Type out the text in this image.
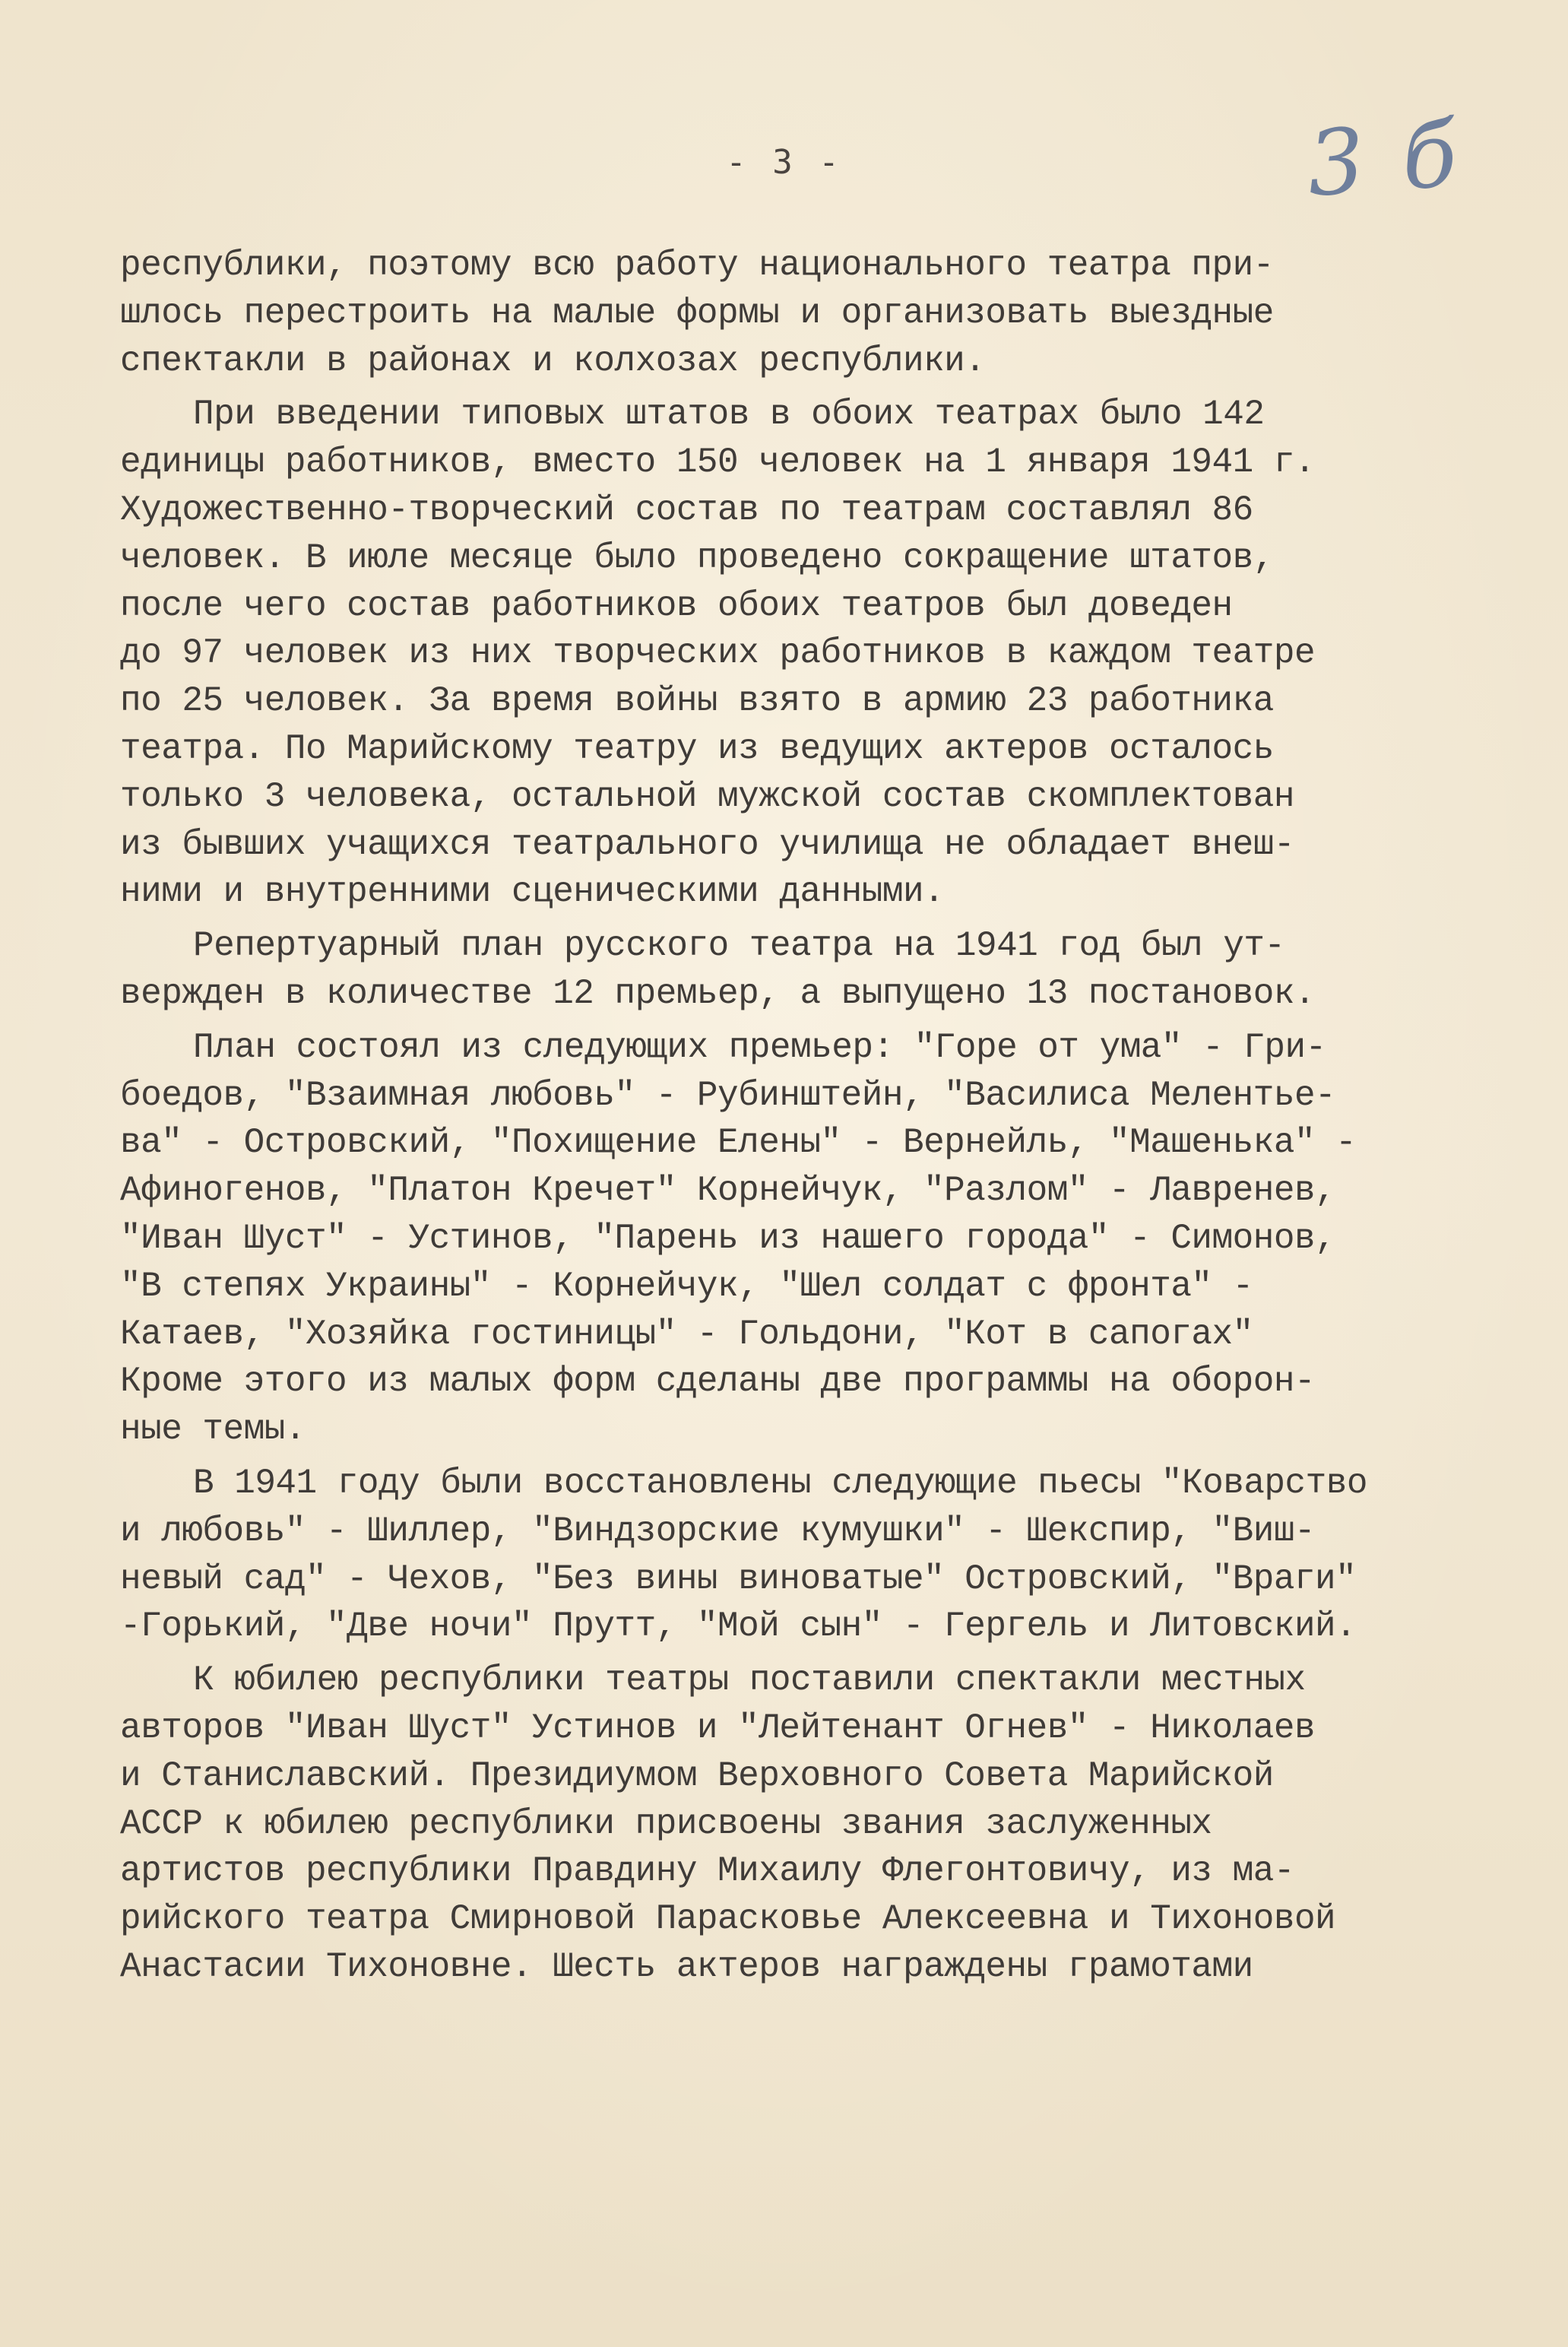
3 б
- 3 -
республики, поэтому всю работу национального театра при-
шлось перестроить на малые формы и организовать выездные
спектакли в районах и колхозах республики.
При введении типовых штатов в обоих театрах было 142
единицы работников, вместо 150 человек на 1 января 1941 г.
Художественно-творческий состав по театрам составлял 86
человек. В июле месяце было проведено сокращение штатов,
после чего состав работников обоих театров был доведен
до 97 человек из них творческих работников в каждом театре
по 25 человек. За время войны взято в армию 23 работника
театра. По Марийскому театру из ведущих актеров осталось
только 3 человека, остальной мужской состав скомплектован
из бывших учащихся театрального училища не обладает внеш-
ними и внутренними сценическими данными.
Репертуарный план русского театра на 1941 год был ут-
вержден в количестве 12 премьер, а выпущено 13 постановок.
План состоял из следующих премьер: "Горе от ума" - Гри-
боедов, "Взаимная любовь" - Рубинштейн, "Василиса Мелентье-
ва" - Островский, "Похищение Елены" - Вернейль, "Машенька" -
Афиногенов, "Платон Кречет" Корнейчук, "Разлом" - Лавренев,
"Иван Шуст" - Устинов, "Парень из нашего города" - Симонов,
"В степях Украины" - Корнейчук, "Шел солдат с фронта" -
Катаев, "Хозяйка гостиницы" - Гольдони, "Кот в сапогах"
Кроме этого из малых форм сделаны две программы на оборон-
ные темы.
В 1941 году были восстановлены следующие пьесы "Коварство
и любовь" - Шиллер, "Виндзорские кумушки" - Шекспир, "Виш-
невый сад" - Чехов, "Без вины виноватые" Островский, "Враги"
-Горький, "Две ночи" Прутт, "Мой сын" - Гергель и Литовский.
К юбилею республики театры поставили спектакли местных
авторов "Иван Шуст" Устинов и "Лейтенант Огнев" - Николаев
и Станиславский. Президиумом Верховного Совета Марийской
АССР к юбилею республики присвоены звания заслуженных
артистов республики Правдину Михаилу Флегонтовичу, из ма-
рийского театра Смирновой Парасковье Алексеевна и Тихоновой
Анастасии Тихоновне. Шесть актеров награждены грамотами
